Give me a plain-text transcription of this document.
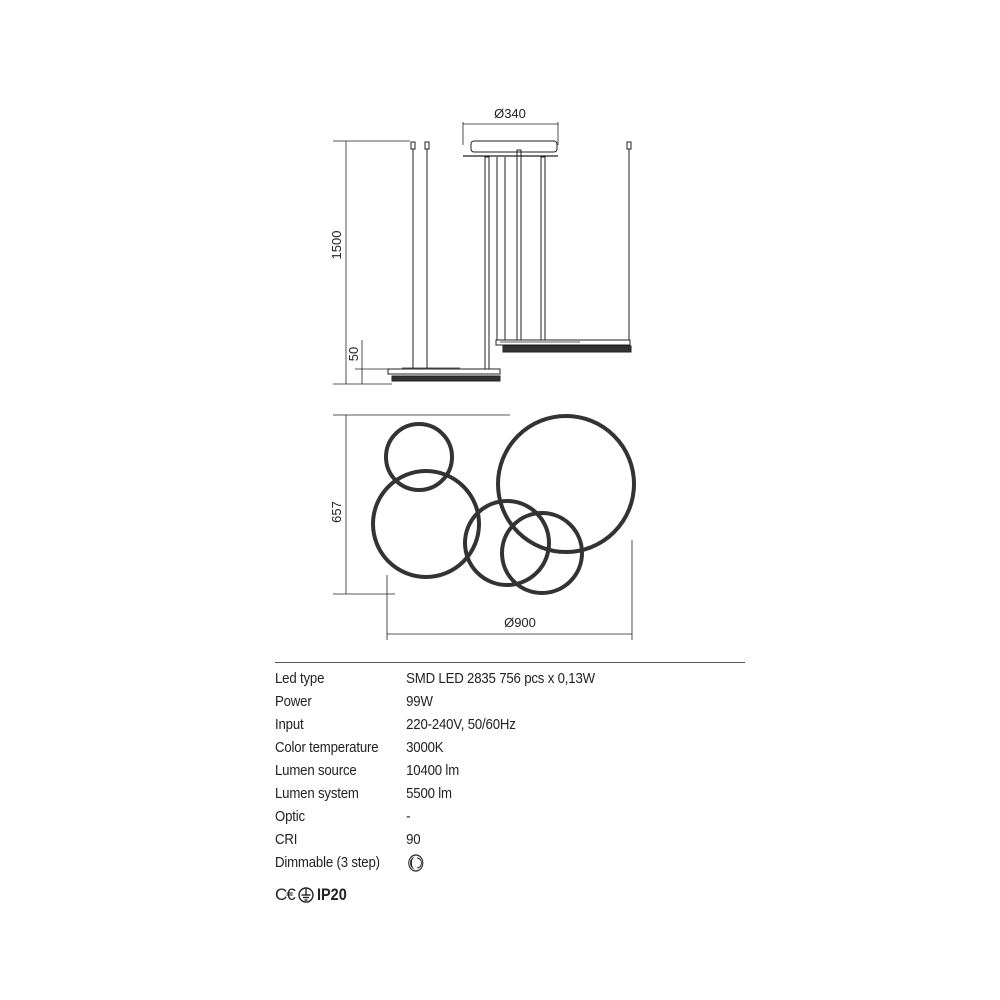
Ø340
1500
50
657
Ø900
Led type	SMD LED 2835 756 pcs x 0,13W
Power	99W
Input	220-240V, 50/60Hz
Color temperature	3000K
Lumen source	10400 lm
Lumen system	5500 lm
Optic	-
CRI	90
Dimmable (3 step)
C€ IP20
